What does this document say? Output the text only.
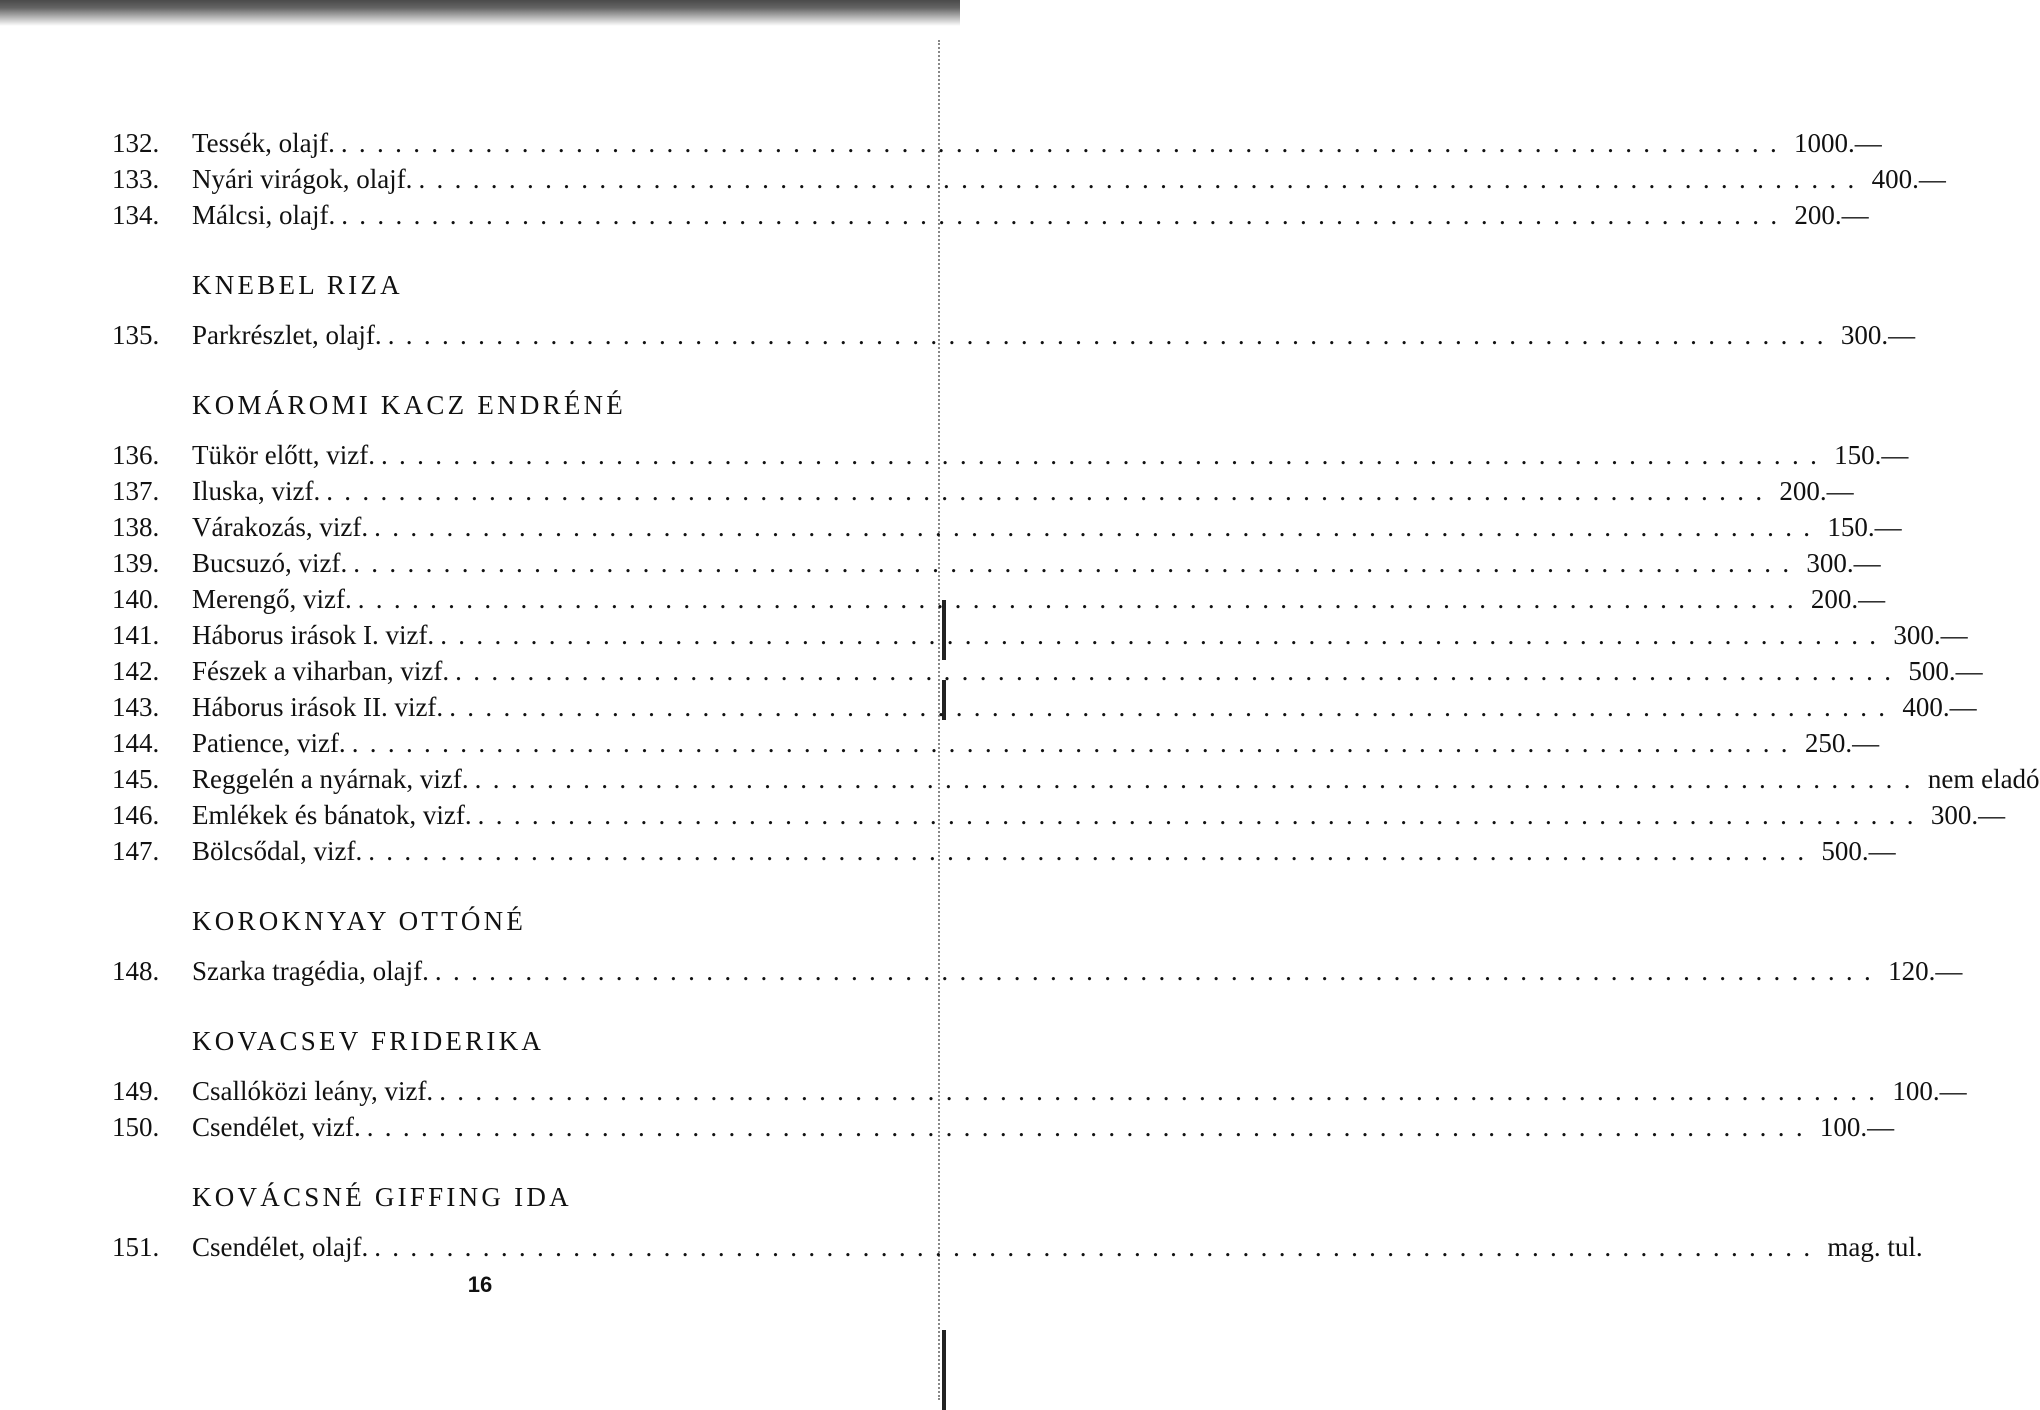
132.	Tessék, olajf. ................................................................................ 1000.—
133.	Nyári virágok, olajf. ................................................................................ 400.—
134.	Málcsi, olajf. ................................................................................ 200.—
KNEBEL RIZA
135.	Parkrészlet, olajf. ................................................................................ 300.—
KOMÁROMI KACZ ENDRÉNÉ
136.	Tükör előtt, vizf. ................................................................................ 150.—
137.	Iluska, vizf. ................................................................................ 200.—
138.	Várakozás, vizf. ................................................................................ 150.—
139.	Bucsuzó, vizf. ................................................................................ 300.—
140.	Merengő, vizf. ................................................................................ 200.—
141.	Háborus irások I. vizf. ................................................................................ 300.—
142.	Fészek a viharban, vizf. ................................................................................ 500.—
143.	Háborus irások II. vizf. ................................................................................ 400.—
144.	Patience, vizf. ................................................................................ 250.—
145.	Reggelén a nyárnak, vizf. ................................................................................ nem eladó
146.	Emlékek és bánatok, vizf. ................................................................................ 300.—
147.	Bölcsődal, vizf. ................................................................................ 500.—
KOROKNYAY OTTÓNÉ
148.	Szarka tragédia, olajf. ................................................................................ 120.—
KOVACSEV FRIDERIKA
149.	Csallóközi leány, vizf. ................................................................................ 100.—
150.	Csendélet, vizf. ................................................................................ 100.—
KOVÁCSNÉ GIFFING IDA
151.	Csendélet, olajf. ................................................................................ mag. tul.
16
